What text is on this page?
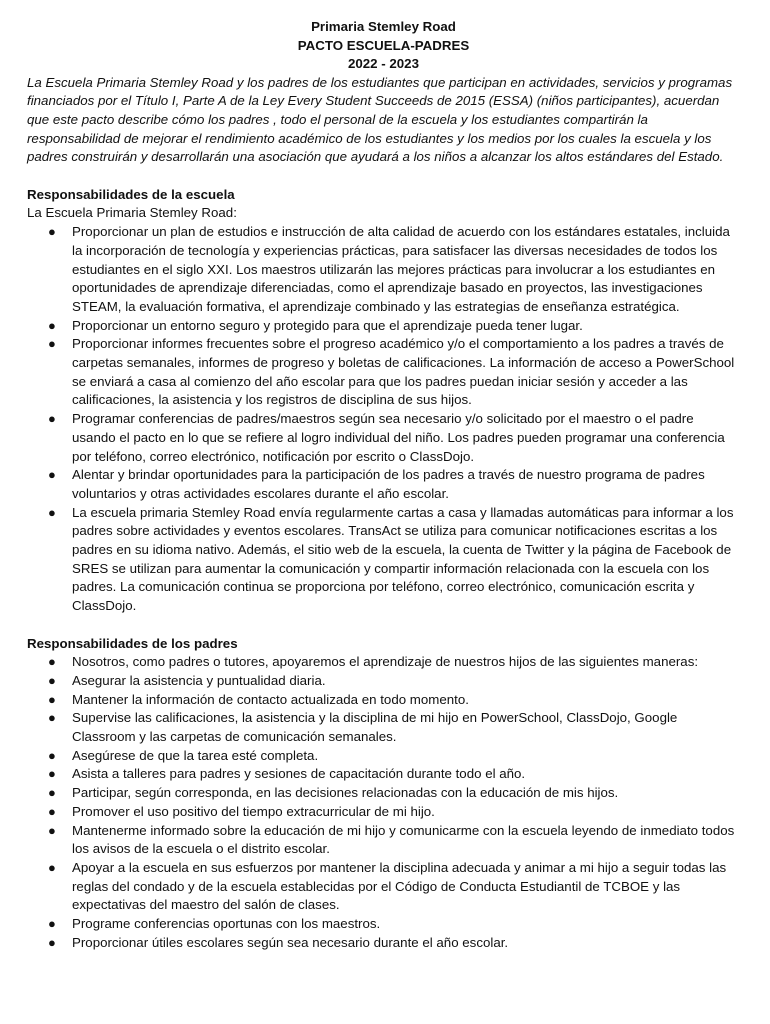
Primaria Stemley Road
PACTO ESCUELA-PADRES
2022 - 2023

La Escuela Primaria Stemley Road y los padres de los estudiantes que participan en actividades, servicios y programas financiados por el Título I, Parte A de la Ley Every Student Succeeds de 2015 (ESSA) (niños participantes), acuerdan que este pacto describe cómo los padres , todo el personal de la escuela y los estudiantes compartirán la responsabilidad de mejorar el rendimiento académico de los estudiantes y los medios por los cuales la escuela y los padres construirán y desarrollarán una asociación que ayudará a los niños a alcanzar los altos estándares del Estado.

Responsabilidades de la escuela

La Escuela Primaria Stemley Road:

● Proporcionar un plan de estudios e instrucción de alta calidad de acuerdo con los estándares estatales, incluida la incorporación de tecnología y experiencias prácticas, para satisfacer las diversas necesidades de todos los estudiantes en el siglo XXI. Los maestros utilizarán las mejores prácticas para involucrar a los estudiantes en oportunidades de aprendizaje diferenciadas, como el aprendizaje basado en proyectos, las investigaciones STEAM, la evaluación formativa, el aprendizaje combinado y las estrategias de enseñanza estratégica.
● Proporcionar un entorno seguro y protegido para que el aprendizaje pueda tener lugar.
● Proporcionar informes frecuentes sobre el progreso académico y/o el comportamiento a los padres a través de carpetas semanales, informes de progreso y boletas de calificaciones. La información de acceso a PowerSchool se enviará a casa al comienzo del año escolar para que los padres puedan iniciar sesión y acceder a las calificaciones, la asistencia y los registros de disciplina de sus hijos.
● Programar conferencias de padres/maestros según sea necesario y/o solicitado por el maestro o el padre usando el pacto en lo que se refiere al logro individual del niño. Los padres pueden programar una conferencia por teléfono, correo electrónico, notificación por escrito o ClassDojo.
● Alentar y brindar oportunidades para la participación de los padres a través de nuestro programa de padres voluntarios y otras actividades escolares durante el año escolar.
● La escuela primaria Stemley Road envía regularmente cartas a casa y llamadas automáticas para informar a los padres sobre actividades y eventos escolares. TransAct se utiliza para comunicar notificaciones escritas a los padres en su idioma nativo. Además, el sitio web de la escuela, la cuenta de Twitter y la página de Facebook de SRES se utilizan para aumentar la comunicación y compartir información relacionada con la escuela con los padres. La comunicación continua se proporciona por teléfono, correo electrónico, comunicación escrita y ClassDojo.
Responsabilidades de los padres
● Nosotros, como padres o tutores, apoyaremos el aprendizaje de nuestros hijos de las siguientes maneras:
● Asegurar la asistencia y puntualidad diaria.
● Mantener la información de contacto actualizada en todo momento.
● Supervise las calificaciones, la asistencia y la disciplina de mi hijo en PowerSchool, ClassDojo, Google Classroom y las carpetas de comunicación semanales.
● Asegúrese de que la tarea esté completa.
● Asista a talleres para padres y sesiones de capacitación durante todo el año.
● Participar, según corresponda, en las decisiones relacionadas con la educación de mis hijos.
● Promover el uso positivo del tiempo extracurricular de mi hijo.
● Mantenerme informado sobre la educación de mi hijo y comunicarme con la escuela leyendo de inmediato todos los avisos de la escuela o el distrito escolar.
● Apoyar a la escuela en sus esfuerzos por mantener la disciplina adecuada y animar a mi hijo a seguir todas las reglas del condado y de la escuela establecidas por el Código de Conducta Estudiantil de TCBOE y las expectativas del maestro del salón de clases.
● Programe conferencias oportunas con los maestros.
● Proporcionar útiles escolares según sea necesario durante el año escolar.
